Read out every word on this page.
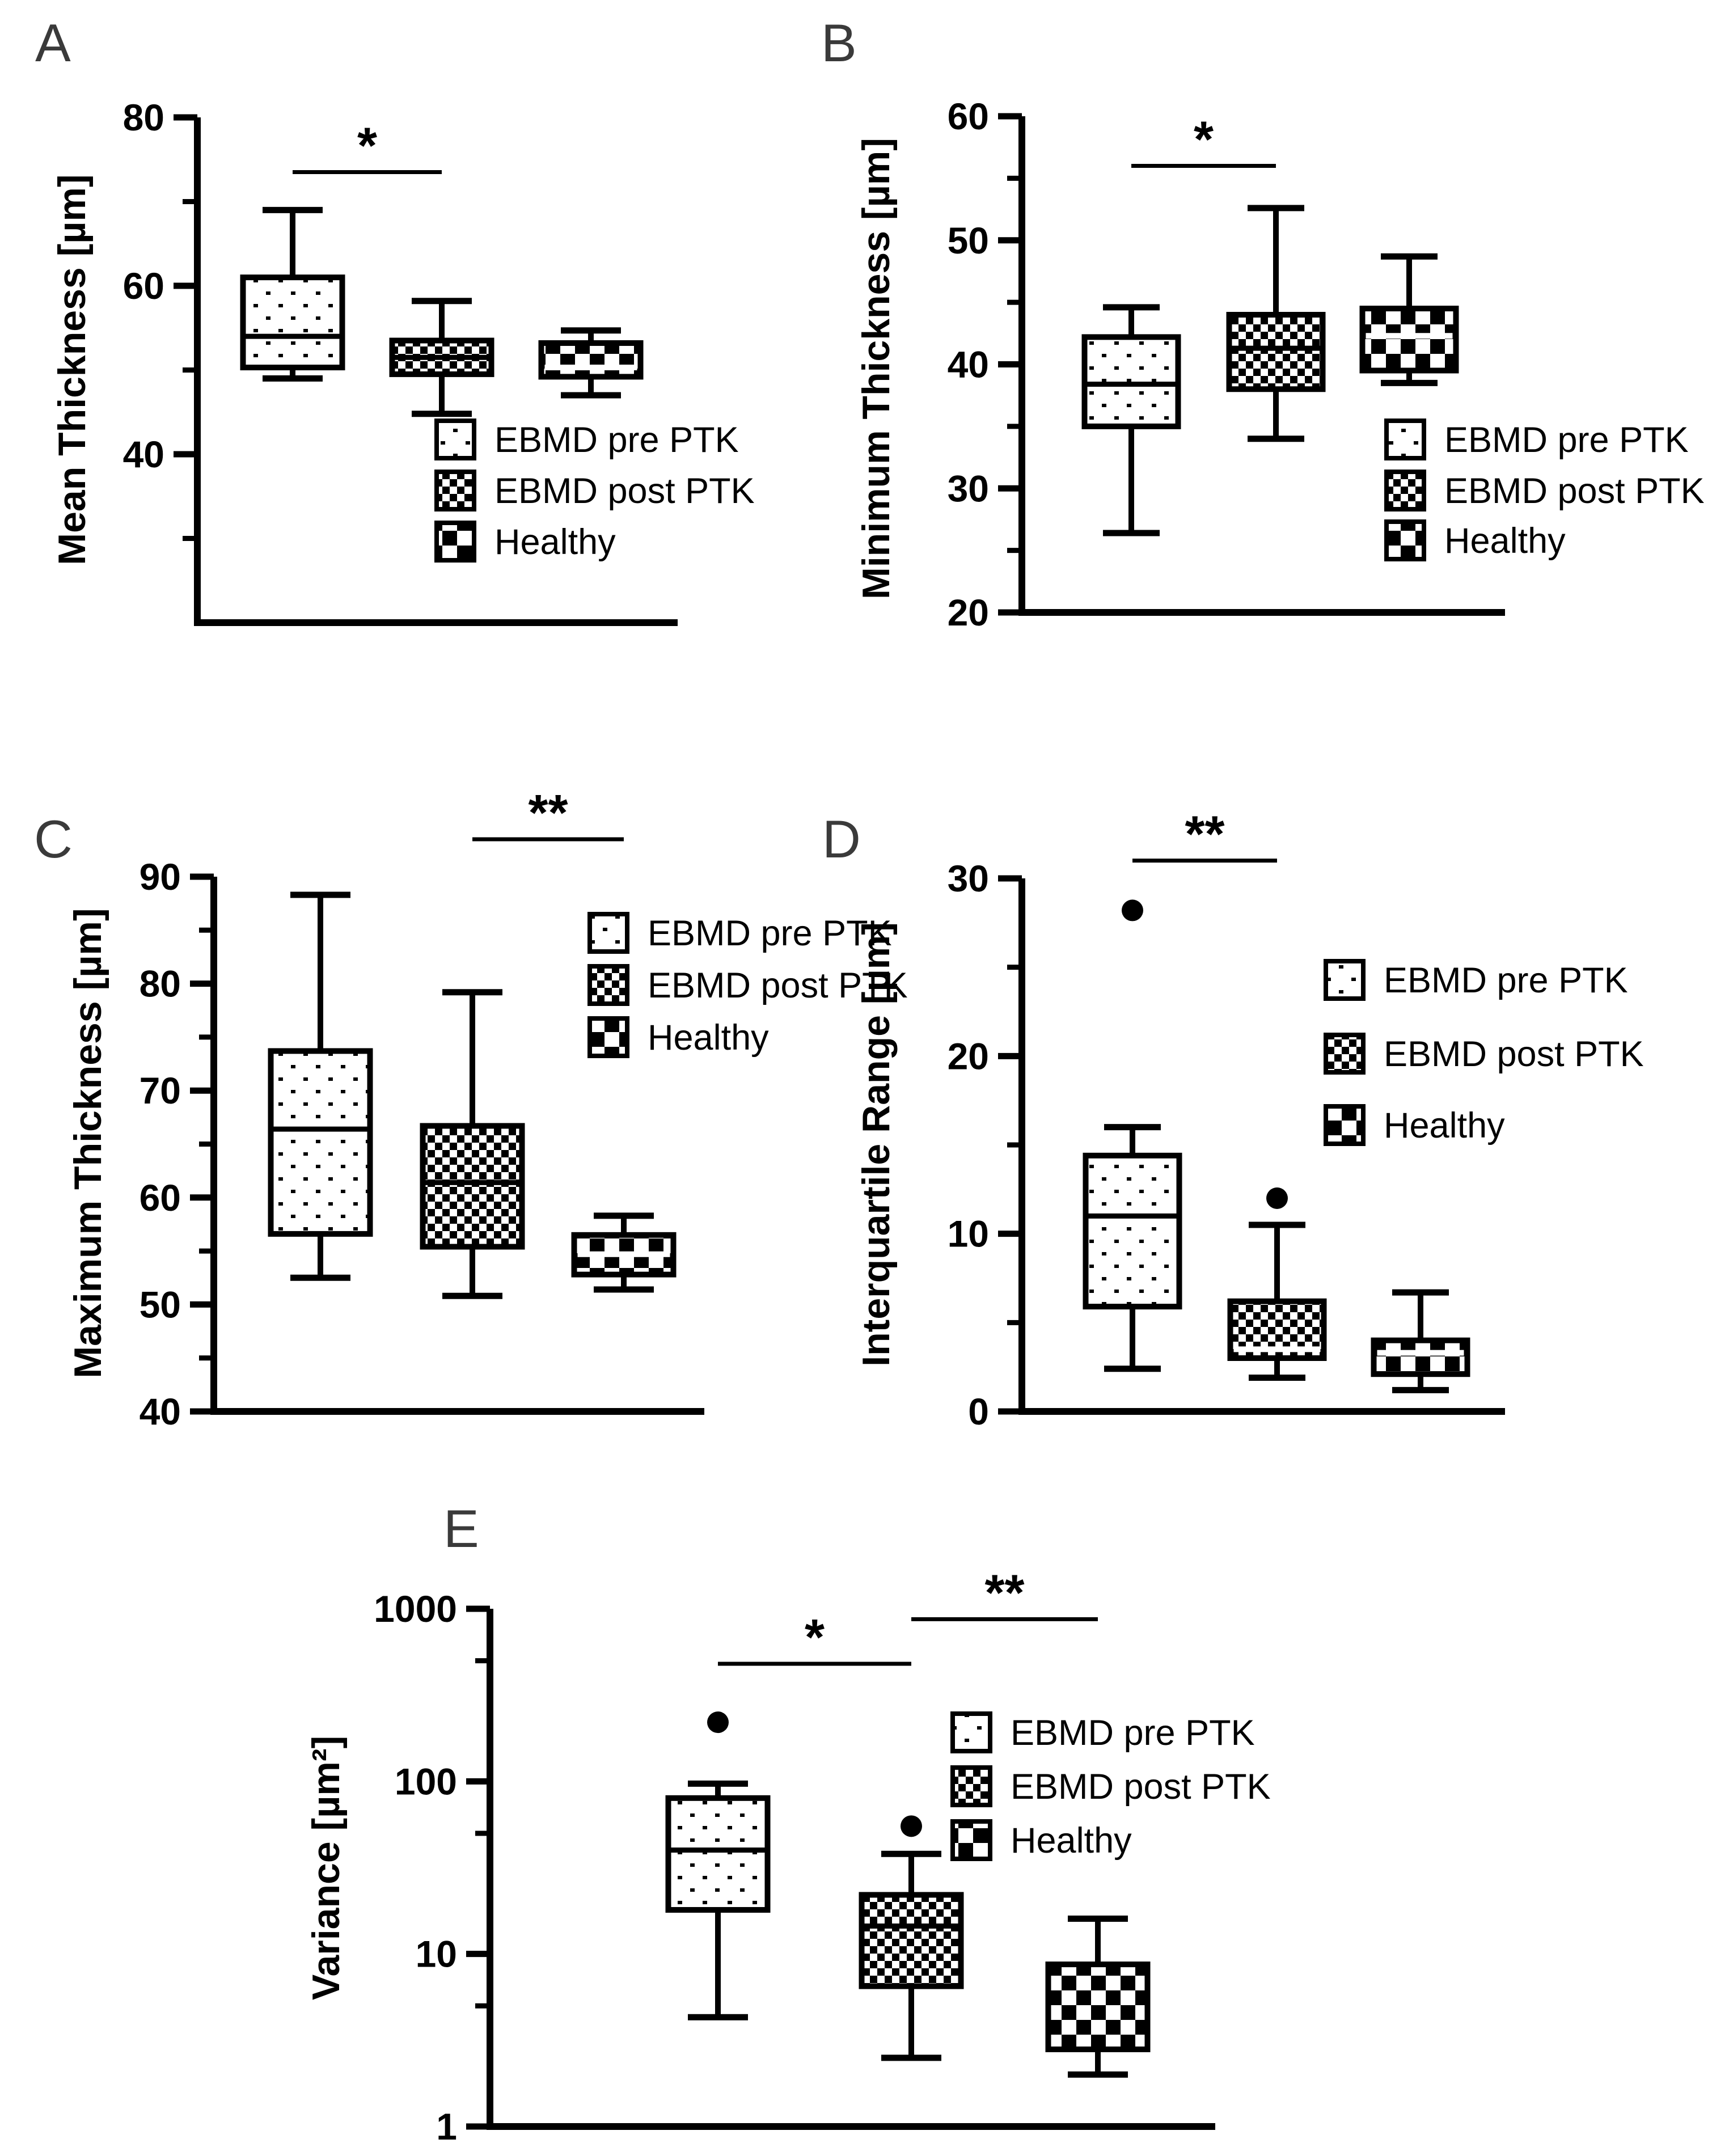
A
80
60
40
Mean Thickness [µm]
*
EBMD pre PTK
EBMD post PTK
Healthy
B
60
50
40
30
20
Minimum Thickness [µm]	*
EBMD pre PTK
EBMD post PTK
Healthy
C
90
80
70
60
50
40
Maximum Thickness [µm]
**
EBMD pre PTK
EBMD post PTK
Healthy
D
30
20
10
0
Interquartile Range [µm]
**
EBMD pre PTK
EBMD post PTK
Healthy
E
1000
100
10
1
Variance [µm²]
*
**
EBMD pre PTK
EBMD post PTK
Healthy
